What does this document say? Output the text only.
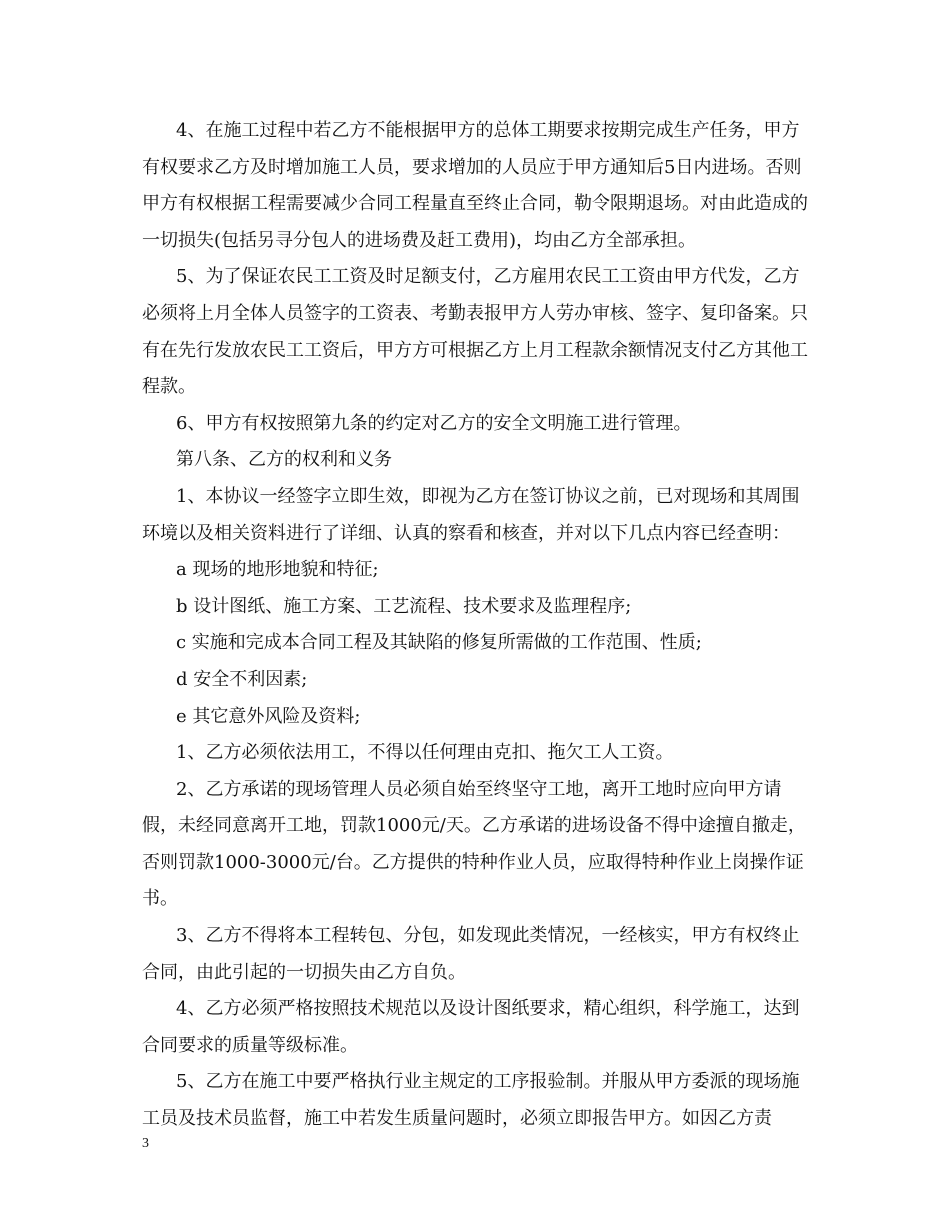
4、在施工过程中若乙方不能根据甲方的总体工期要求按期完成生产任务，甲方有权要求乙方及时增加施工人员，要求增加的人员应于甲方通知后5日内进场。否则甲方有权根据工程需要减少合同工程量直至终止合同，勒令限期退场。对由此造成的一切损失(包括另寻分包人的进场费及赶工费用)，均由乙方全部承担。

5、为了保证农民工工资及时足额支付，乙方雇用农民工工资由甲方代发，乙方必须将上月全体人员签字的工资表、考勤表报甲方人劳办审核、签字、复印备案。只有在先行发放农民工工资后，甲方方可根据乙方上月工程款余额情况支付乙方其他工程款。

6、甲方有权按照第九条的约定对乙方的安全文明施工进行管理。

第八条、乙方的权利和义务

1、本协议一经签字立即生效，即视为乙方在签订协议之前，已对现场和其周围环境以及相关资料进行了详细、认真的察看和核查，并对以下几点内容已经查明：

a 现场的地形地貌和特征;

b 设计图纸、施工方案、工艺流程、技术要求及监理程序;

c 实施和完成本合同工程及其缺陷的修复所需做的工作范围、性质;

d 安全不利因素;

e 其它意外风险及资料;

1、乙方必须依法用工，不得以任何理由克扣、拖欠工人工资。

2、乙方承诺的现场管理人员必须自始至终坚守工地，离开工地时应向甲方请假，未经同意离开工地，罚款1000元/天。乙方承诺的进场设备不得中途擅自撤走，否则罚款1000-3000元/台。乙方提供的特种作业人员，应取得特种作业上岗操作证书。

3、乙方不得将本工程转包、分包，如发现此类情况，一经核实，甲方有权终止合同，由此引起的一切损失由乙方自负。

4、乙方必须严格按照技术规范以及设计图纸要求，精心组织，科学施工，达到合同要求的质量等级标准。

5、乙方在施工中要严格执行业主规定的工序报验制。并服从甲方委派的现场施工员及技术员监督，施工中若发生质量问题时，必须立即报告甲方。如因乙方责

3
